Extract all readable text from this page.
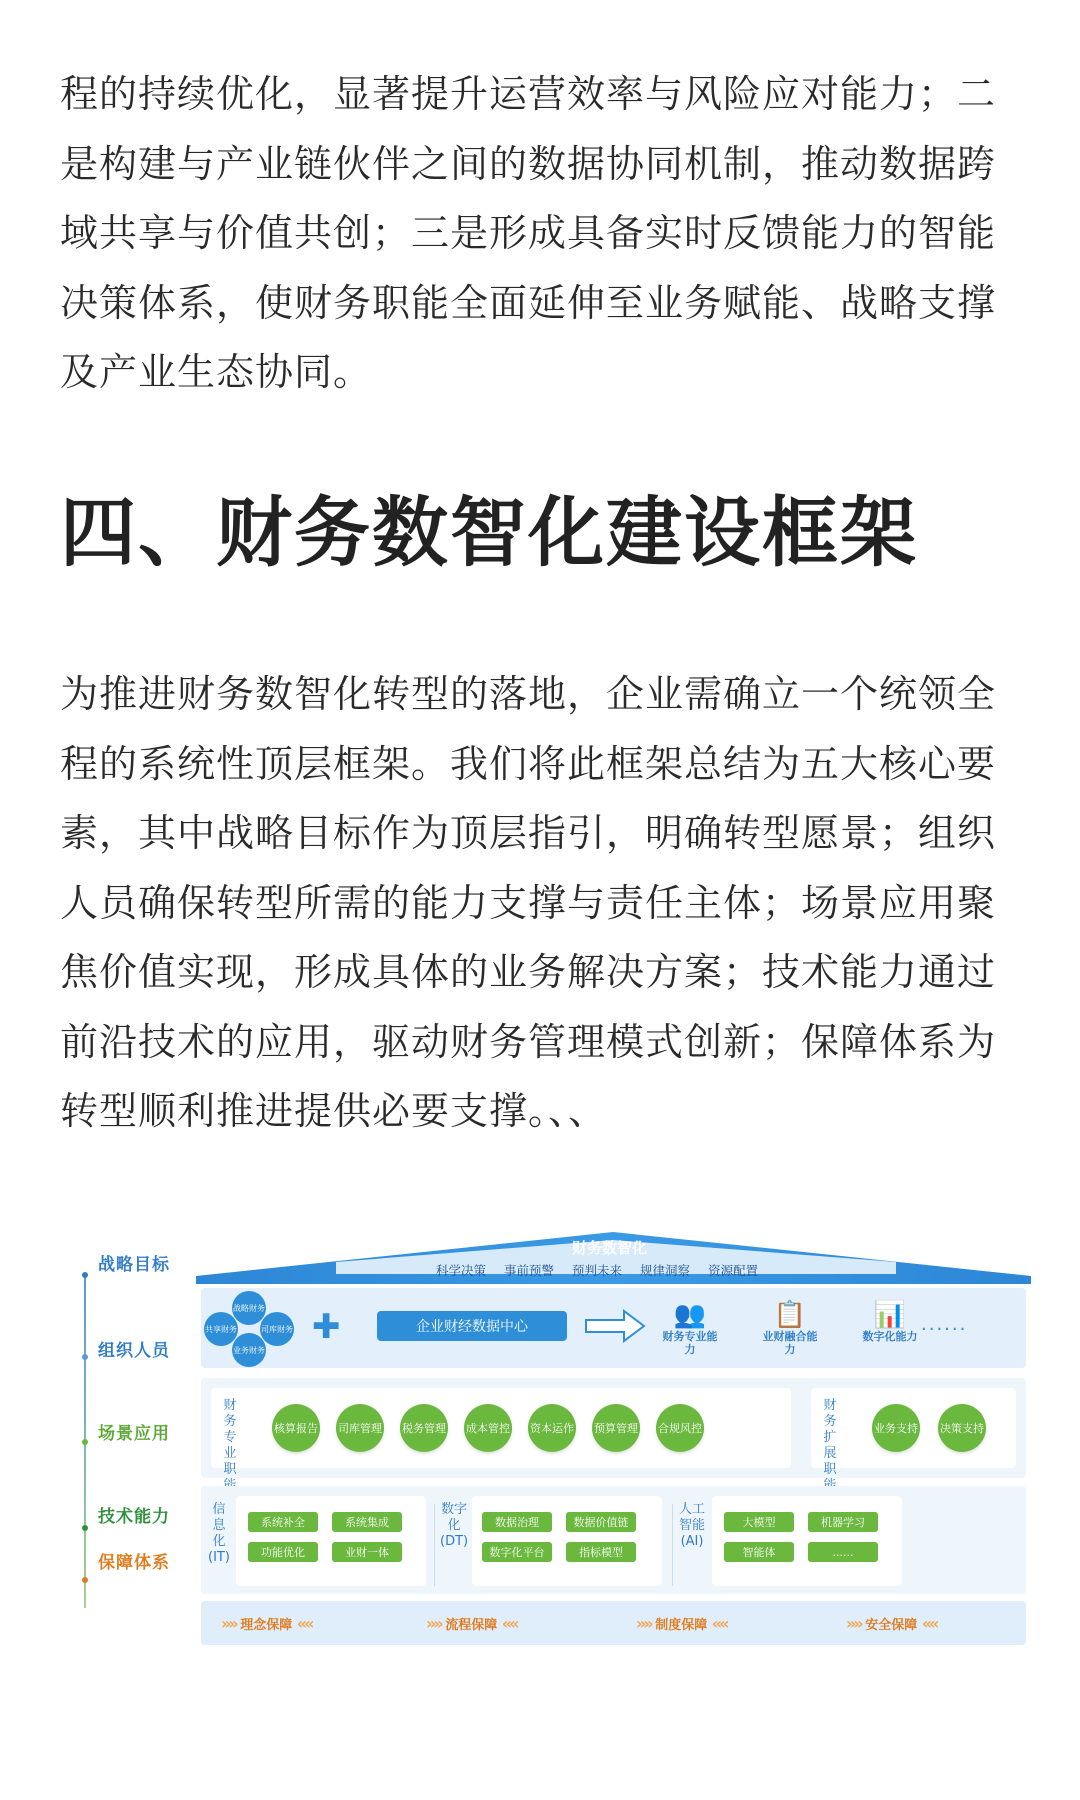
程的持续优化，显著提升运营效率与风险应对能力；二是构建与产业链伙伴之间的数据协同机制，推动数据跨域共享与价值共创；三是形成具备实时反馈能力的智能决策体系，使财务职能全面延伸至业务赋能、战略支撑及产业生态协同。

四、财务数智化建设框架

为推进财务数智化转型的落地，企业需确立一个统领全程的系统性顶层框架。我们将此框架总结为五大核心要素，其中战略目标作为顶层指引，明确转型愿景；组织人员确保转型所需的能力支撑与责任主体；场景应用聚焦价值实现，形成具体的业务解决方案；技术能力通过前沿技术的应用，驱动财务管理模式创新；保障体系为转型顺利推进提供必要支撑。、、

战略目标
组织人员
场景应用
技术能力
保障体系
财务数智化
科学决策 事前预警 预判未来 规律洞察 资源配置
战略财务
共享财务	司库财务
业务财务
✚	企业财经数据中心	👥
财务专业能力
📋
业财融合能力
📊
数字化能力
......
财务专业职
核算报告 司库管理 税务管理 成本管控 资本运作 预算管理 合规风控
财务扩展职
业务支持 决策支持
信息化(IT)
系统补全	系统集成
功能优化	业财一体
数字化(DT)
数据治理	数据价值链
数字化平台	指标模型
人工智能(AI)
大模型	机器学习
智能体	......
»»
理念保障
««	»»
流程保障
««	»»
制度保障
««	»»
安全保障
««
